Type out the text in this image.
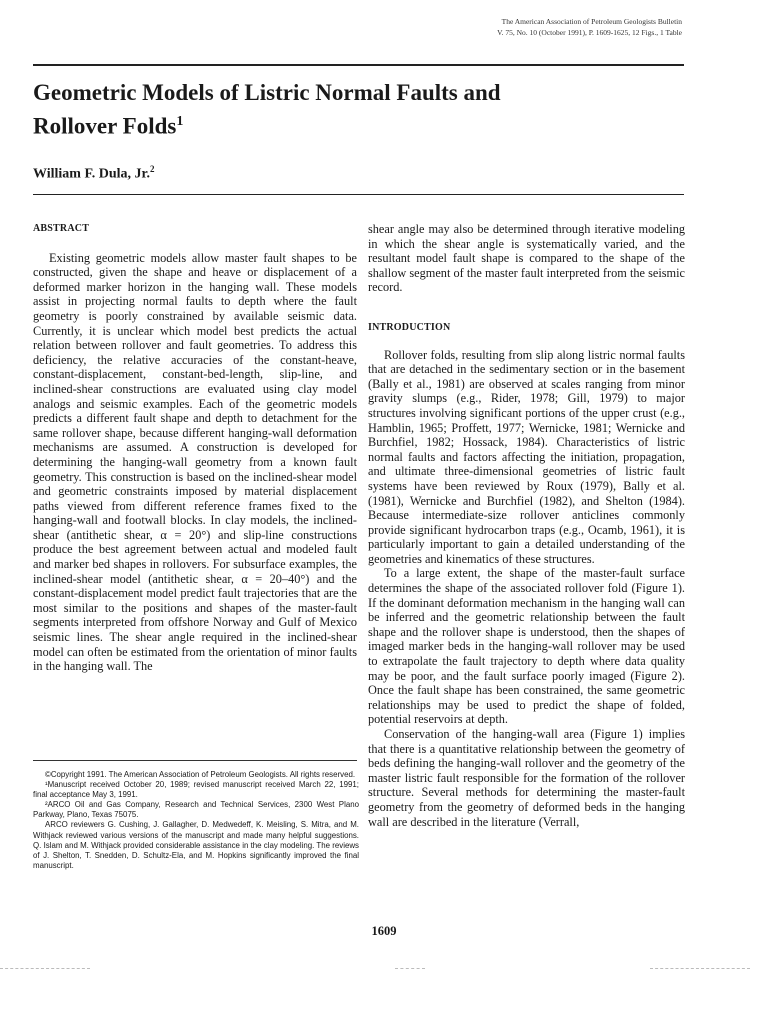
The American Association of Petroleum Geologists Bulletin
V. 75, No. 10 (October 1991), P. 1609-1625, 12 Figs., 1 Table
Geometric Models of Listric Normal Faults and
Rollover Folds$^1$
William F. Dula, Jr.$^2$
ABSTRACT

Existing geometric models allow master fault shapes to be constructed, given the shape and heave or displacement of a deformed marker horizon in the hanging wall. These models assist in projecting normal faults to depth where the fault geometry is poorly constrained by available seismic data. Currently, it is unclear which model best predicts the actual relation between rollover and fault geometries. To address this deficiency, the relative accuracies of the constant-heave, constant-displacement, constant-bed-length, slip-line, and inclined-shear constructions are evaluated using clay model analogs and seismic examples. Each of the geometric models predicts a different fault shape and depth to detachment for the same rollover shape, because different hanging-wall deformation mechanisms are assumed. A construction is developed for determining the hanging-wall geometry from a known fault geometry. This construction is based on the inclined-shear model and geometric constraints imposed by material displacement paths viewed from different reference frames fixed to the hanging-wall and footwall blocks. In clay models, the inclined-shear (antithetic shear, α = 20°) and slip-line constructions produce the best agreement between actual and modeled fault and marker bed shapes in rollovers. For subsurface examples, the inclined-shear model (antithetic shear, α = 20–40°) and the constant-displacement model predict fault trajectories that are the most similar to the positions and shapes of the master-fault segments interpreted from offshore Norway and Gulf of Mexico seismic lines. The shear angle required in the inclined-shear model can often be estimated from the orientation of minor faults in the hanging wall. The

shear angle may also be determined through iterative modeling in which the shear angle is systematically varied, and the resultant model fault shape is compared to the shape of the shallow segment of the master fault interpreted from the seismic record.

INTRODUCTION

Rollover folds, resulting from slip along listric normal faults that are detached in the sedimentary section or in the basement (Bally et al., 1981) are observed at scales ranging from minor gravity slumps (e.g., Rider, 1978; Gill, 1979) to major structures involving significant portions of the upper crust (e.g., Hamblin, 1965; Proffett, 1977; Wernicke, 1981; Wernicke and Burchfiel, 1982; Hossack, 1984). Characteristics of listric normal faults and factors affecting the initiation, propagation, and ultimate three-dimensional geometries of listric fault systems have been reviewed by Roux (1979), Bally et al. (1981), Wernicke and Burchfiel (1982), and Shelton (1984). Because intermediate-size rollover anticlines commonly provide significant hydrocarbon traps (e.g., Ocamb, 1961), it is particularly important to gain a detailed understanding of the geometries and kinematics of these structures.

To a large extent, the shape of the master-fault surface determines the shape of the associated rollover fold (Figure 1). If the dominant deformation mechanism in the hanging wall can be inferred and the geometric relationship between the fault shape and the rollover shape is understood, then the shapes of imaged marker beds in the hanging-wall rollover may be used to extrapolate the fault trajectory to depth where data quality may be poor, and the fault surface poorly imaged (Figure 2). Once the fault shape has been constrained, the same geometric relationships may be used to predict the shape of folded, potential reservoirs at depth.

Conservation of the hanging-wall area (Figure 1) implies that there is a quantitative relationship between the geometry of beds defining the hanging-wall rollover and the geometry of the master listric fault responsible for the formation of the rollover structure. Several methods for determining the master-fault geometry from the geometry of deformed beds in the hanging wall are described in the literature (Verrall,

©Copyright 1991. The American Association of Petroleum Geologists. All rights reserved.

¹Manuscript received October 20, 1989; revised manuscript received March 22, 1991; final acceptance May 3, 1991.

²ARCO Oil and Gas Company, Research and Technical Services, 2300 West Plano Parkway, Plano, Texas 75075.

ARCO reviewers G. Cushing, J. Gallagher, D. Medwedeff, K. Meisling, S. Mitra, and M. Withjack reviewed various versions of the manuscript and made many helpful suggestions. Q. Islam and M. Withjack provided considerable assistance in the clay modeling. The reviews of J. Shelton, T. Snedden, D. Schultz-Ela, and M. Hopkins significantly improved the final manuscript.

1609
